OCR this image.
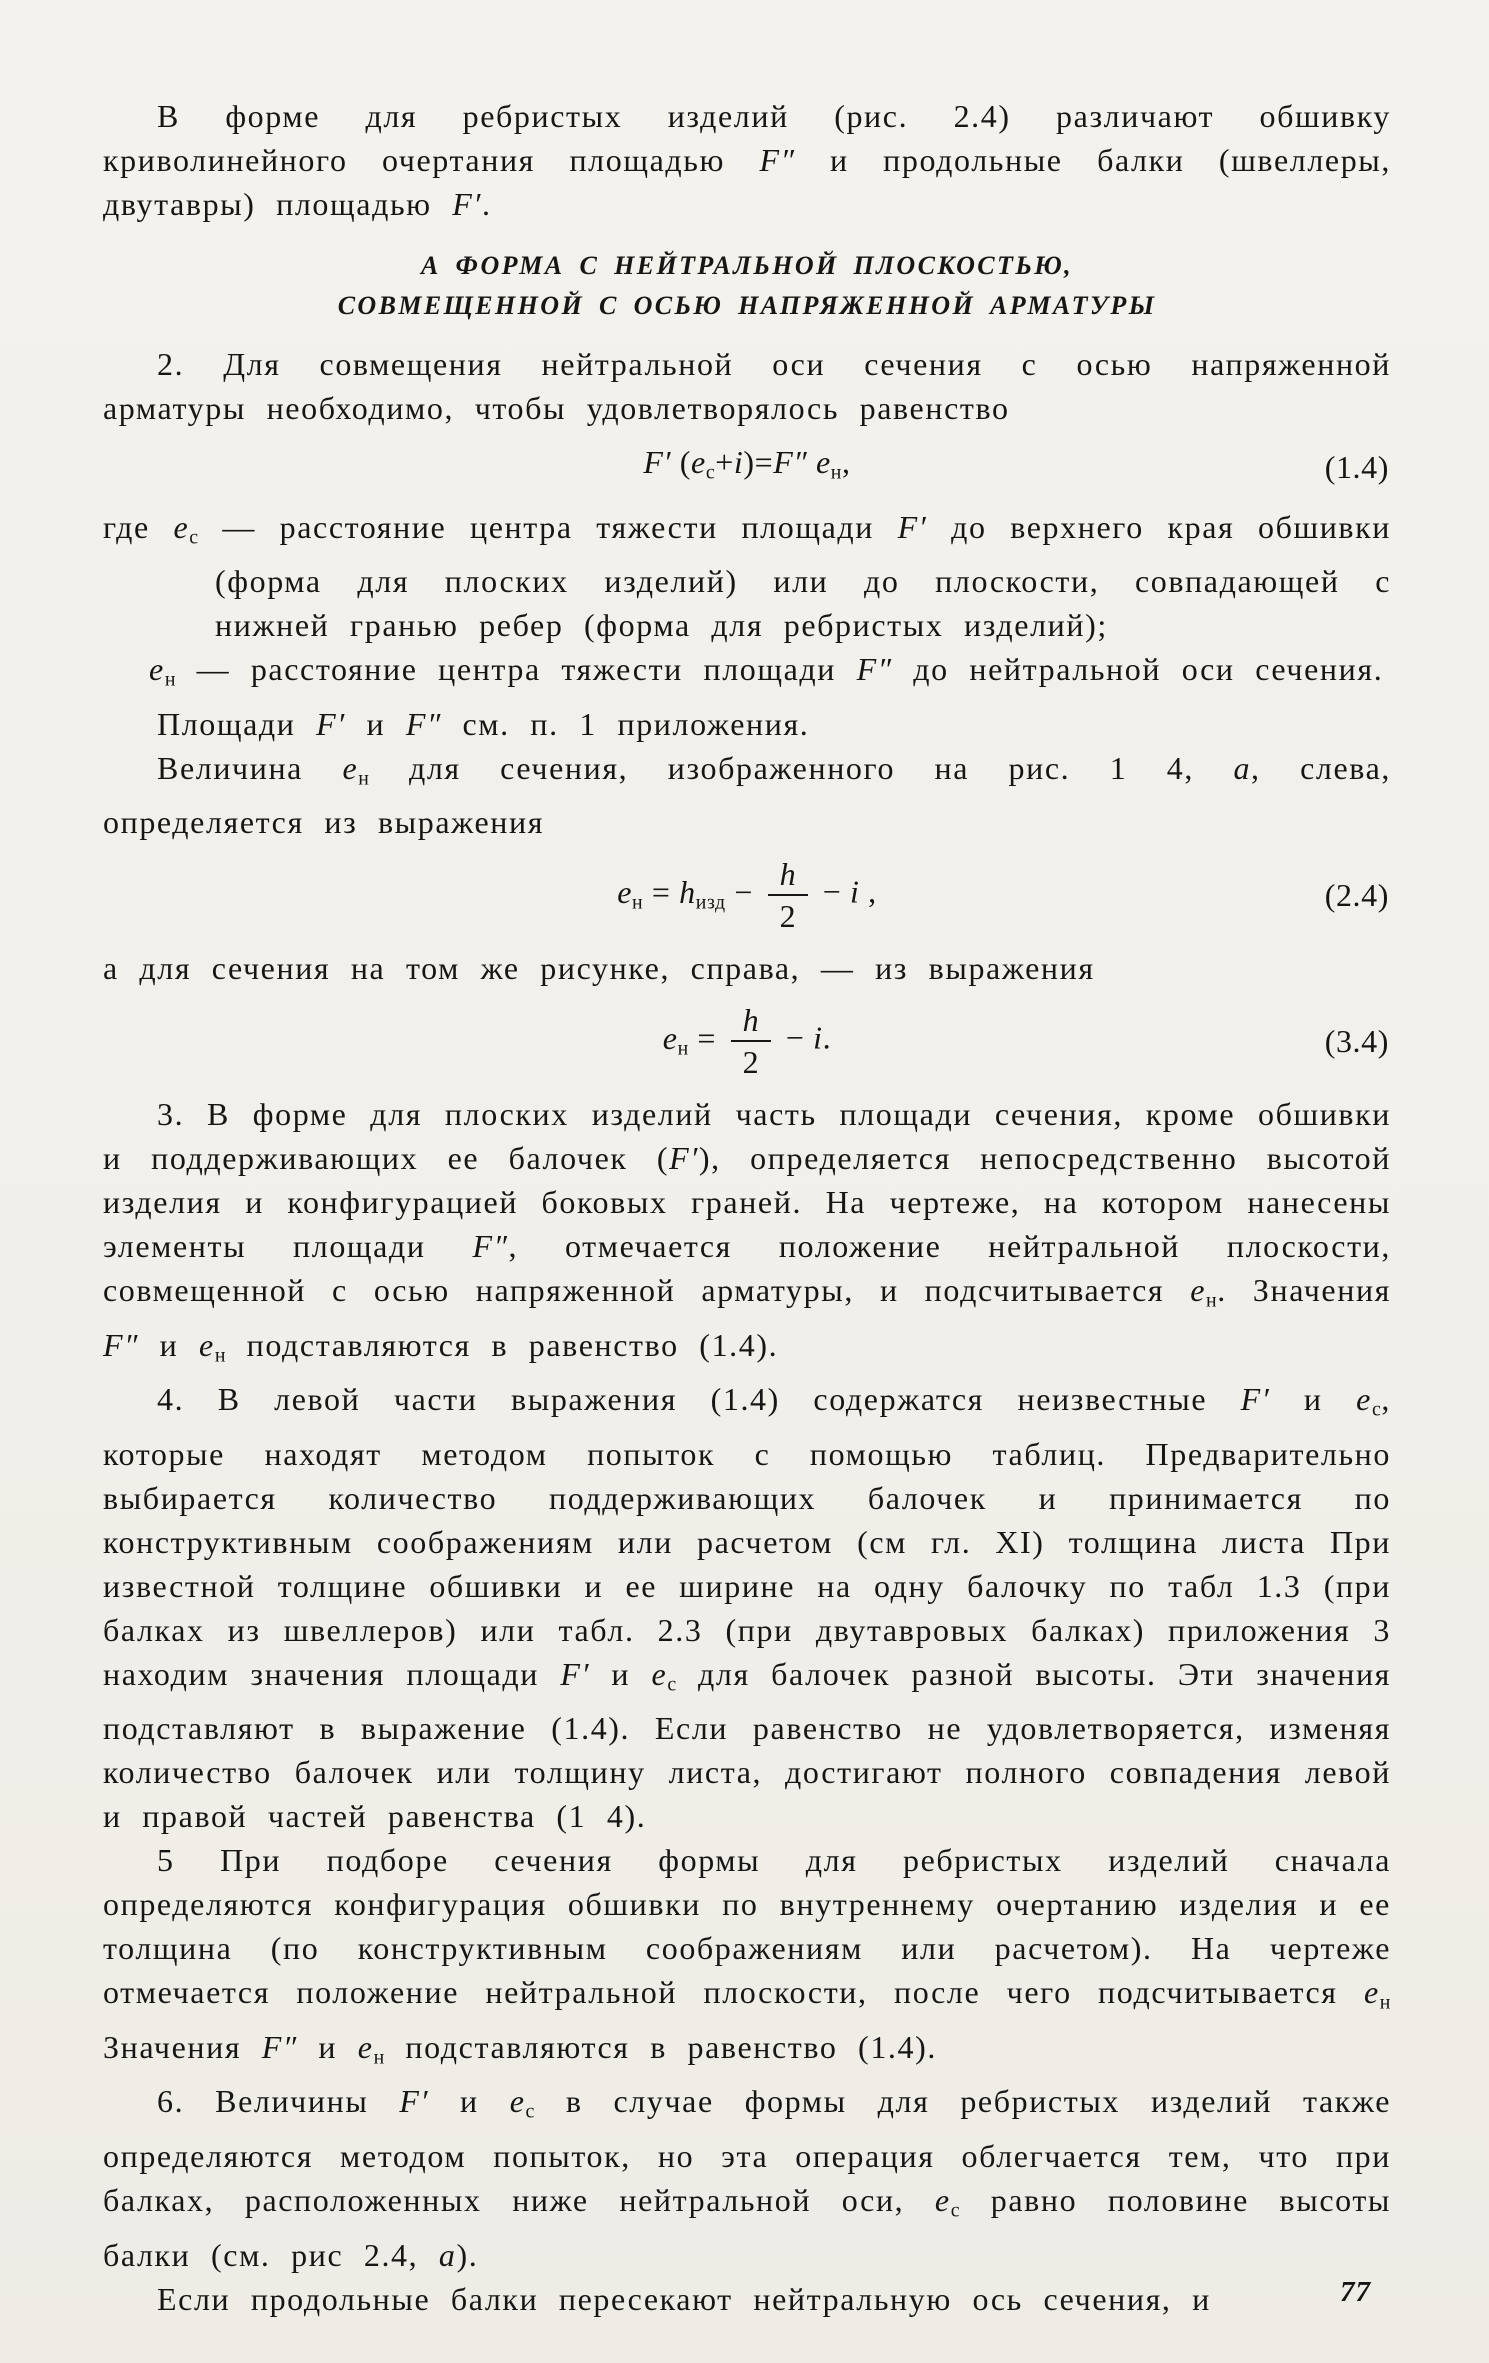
В форме для ребристых изделий (рис. 2.4) различают обшивку криволинейного очертания площадью F″ и продольные балки (швеллеры, двутавры) площадью F′.

А ФОРМА С НЕЙТРАЛЬНОЙ ПЛОСКОСТЬЮ,
СОВМЕЩЕННОЙ С ОСЬЮ НАПРЯЖЕННОЙ АРМАТУРЫ

2. Для совмещения нейтральной оси сечения с осью напряженной арматуры необходимо, чтобы удовлетворялось равенство

F′ (eс+i)=F″ eн,	(1.4)
где eс — расстояние центра тяжести площади F′ до верхнего края обшивки (форма для плоских изделий) или до плоскости, совпадающей с нижней гранью ребер (форма для ребристых изделий);
eн — расстояние центра тяжести площади F″ до нейтральной оси сечения.

Площади F′ и F″ см. п. 1 приложения.

Величина eн для сечения, изображенного на рис. 1 4, а, слева, определяется из выражения

eн = hизд − $\frac{h}{2} - i$ ,	(2.4)

а для сечения на том же рисунке, справа, — из выражения

eн = $\frac{h}{2} - i$.	(3.4)

3. В форме для плоских изделий часть площади сечения, кроме обшивки и поддерживающих ее балочек (F′), определяется непосредственно высотой изделия и конфигурацией боковых граней. На чертеже, на котором нанесены элементы площади F″, отмечается положение нейтральной плоскости, совмещенной с осью напряженной арматуры, и подсчитывается eн. Значения F″ и eн подставляются в равенство (1.4).

4. В левой части выражения (1.4) содержатся неизвестные F′ и eс, которые находят методом попыток с помощью таблиц. Предварительно выбирается количество поддерживающих балочек и принимается по конструктивным соображениям или расчетом (см гл. XI) толщина листа При известной толщине обшивки и ее ширине на одну балочку по табл 1.3 (при балках из швеллеров) или табл. 2.3 (при двутавровых балках) приложения 3 находим значения площади F′ и eс для балочек разной высоты. Эти значения подставляют в выражение (1.4). Если равенство не удовлетворяется, изменяя количество балочек или толщину листа, достигают полного совпадения левой и правой частей равенства (1 4).

5 При подборе сечения формы для ребристых изделий сначала определяются конфигурация обшивки по внутреннему очертанию изделия и ее толщина (по конструктивным соображениям или расчетом). На чертеже отмечается положение нейтральной плоскости, после чего подсчитывается eн Значения F″ и eн подставляются в равенство (1.4).

6. Величины F′ и eс в случае формы для ребристых изделий также определяются методом попыток, но эта операция облегчается тем, что при балках, расположенных ниже нейтральной оси, eс равно половине высоты балки (см. рис 2.4, а).

Если продольные балки пересекают нейтральную ось сечения, и	77
